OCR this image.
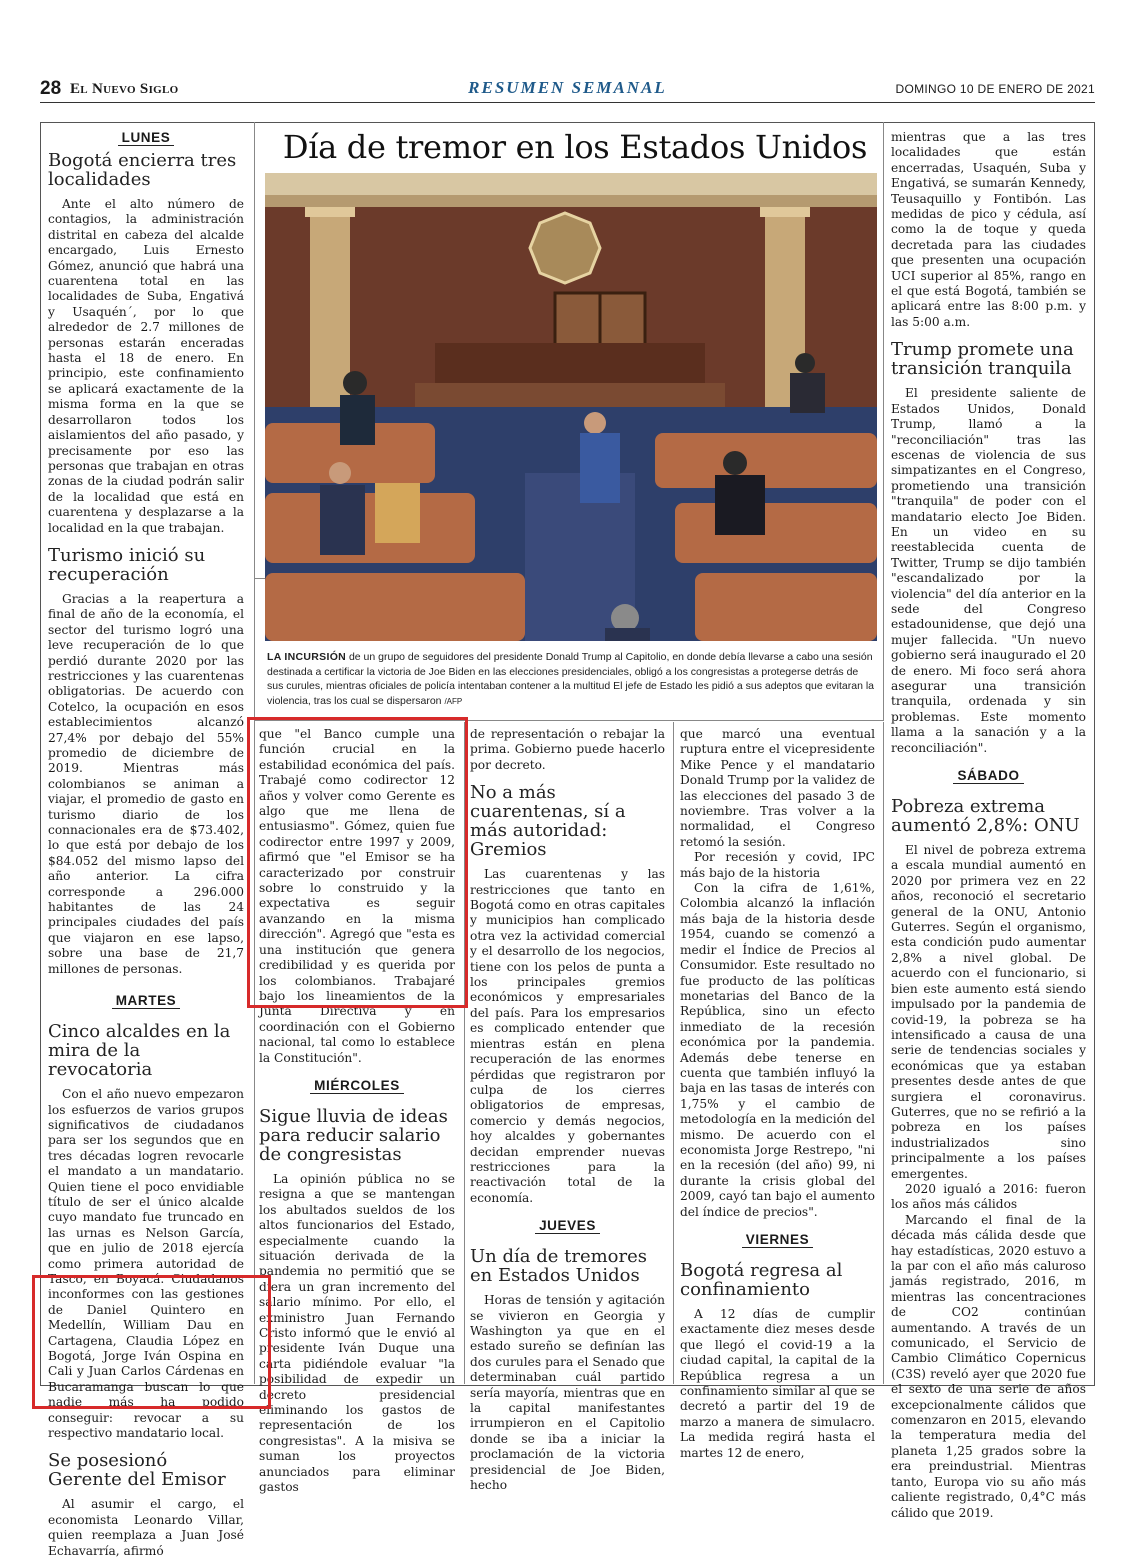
28 El Nuevo Siglo	RESUMEN SEMANAL	DOMINGO 10 DE ENERO DE 2021
LUNES
Bogotá encierra tres localidades

Ante el alto número de contagios, la administración distrital en cabeza del alcalde encargado, Luis Ernesto Gómez, anunció que habrá una cuarentena total en las localidades de Suba, Engativá y Usaquén´, por lo que alrededor de 2.7 millones de personas estarán enceradas hasta el 18 de enero. En principio, este confinamiento se aplicará exactamente de la misma forma en la que se desarrollaron todos los aislamientos del año pasado, y precisamente por eso las personas que trabajan en otras zonas de la ciudad podrán salir de la localidad que está en cuarentena y desplazarse a la localidad en la que trabajan.

Turismo inició su recuperación

Gracias a la reapertura a final de año de la economía, el sector del turismo logró una leve recuperación de lo que perdió durante 2020 por las restricciones y las cuarentenas obligatorias. De acuerdo con Cotelco, la ocupación en esos establecimientos alcanzó 27,4% por debajo del 55% promedio de diciembre de 2019. Mientras más colombianos se animan a viajar, el promedio de gasto en turismo diario de los connacionales era de $73.402, lo que está por debajo de los $84.052 del mismo lapso del año anterior. La cifra corresponde a 296.000 habitantes de las 24 principales ciudades del país que viajaron en ese lapso, sobre una base de 21,7 millones de personas.

MARTES
Cinco alcaldes en la mira de la revocatoria

Con el año nuevo empezaron los esfuerzos de varios grupos significativos de ciudadanos para ser los segundos que en tres décadas logren revocarle el mandato a un mandatario. Quien tiene el poco envidiable título de ser el único alcalde cuyo mandato fue truncado en las urnas es Nelson García, que en julio de 2018 ejercía como primera autoridad de Tasco, en Boyacá. Ciudadanos inconformes con las gestiones de Daniel Quintero en Medellín, William Dau en Cartagena, Claudia López en Bogotá, Jorge Iván Ospina en Cali y Juan Carlos Cárdenas en Bucaramanga buscan lo que nadie más ha podido conseguir: revocar a su respectivo mandatario local.

Se posesionó Gerente del Emisor

Al asumir el cargo, el economista Leonardo Villar, quien reemplaza a Juan José Echavarría, afirmó

Día de tremor en los Estados Unidos
LA INCURSIÓN de un grupo de seguidores del presidente Donald Trump al Capitolio, en donde debía llevarse a cabo una sesión destinada a certificar la victoria de Joe Biden en las elecciones presidenciales, obligó a los congresistas a protegerse detrás de sus curules, mientras oficiales de policía intentaban contener a la multitud El jefe de Estado les pidió a sus adeptos que evitaran la violencia, tras los cual se dispersaron /AFP

que "el Banco cumple una función crucial en la estabilidad económica del país. Trabajé como codirector 12 años y volver como Gerente es algo que me llena de entusiasmo". Gómez, quien fue codirector entre 1997 y 2009, afirmó que "el Emisor se ha caracterizado por construir sobre lo construido y la expectativa es seguir avanzando en la misma dirección". Agregó que "esta es una institución que genera credibilidad y es querida por los colombianos. Trabajaré bajo los lineamientos de la Junta Directiva y en coordinación con el Gobierno nacional, tal como lo establece la Constitución".

MIÉRCOLES
Sigue lluvia de ideas para reducir salario de congresistas

La opinión pública no se resigna a que se mantengan los abultados sueldos de los altos funcionarios del Estado, especialmente cuando la situación derivada de la pandemia no permitió que se diera un gran incremento del salario mínimo. Por ello, el exministro Juan Fernando Cristo informó que le envió al presidente Iván Duque una carta pidiéndole evaluar "la posibilidad de expedir un decreto presidencial eliminando los gastos de representación de los congresistas". A la misiva se suman los proyectos anunciados para eliminar gastos

de representación o rebajar la prima. Gobierno puede hacerlo por decreto.

No a más cuarentenas, sí a más autoridad: Gremios

Las cuarentenas y las restricciones que tanto en Bogotá como en otras capitales y municipios han complicado otra vez la actividad comercial y el desarrollo de los negocios, tiene con los pelos de punta a los principales gremios económicos y empresariales del país. Para los empresarios es complicado entender que mientras están en plena recuperación de las enormes pérdidas que registraron por culpa de los cierres obligatorios de empresas, comercio y demás negocios, hoy alcaldes y gobernantes decidan emprender nuevas restricciones para la reactivación total de la economía.

JUEVES
Un día de tremores en Estados Unidos

Horas de tensión y agitación se vivieron en Georgia y Washington ya que en el estado sureño se definían las dos curules para el Senado que determinaban cuál partido sería mayoría, mientras que en la capital manifestantes irrumpieron en el Capitolio donde se iba a iniciar la proclamación de la victoria presidencial de Joe Biden, hecho

que marcó una eventual ruptura entre el vicepresidente Mike Pence y el mandatario Donald Trump por la validez de las elecciones del pasado 3 de noviembre. Tras volver a la normalidad, el Congreso retomó la sesión.

Por recesión y covid, IPC más bajo de la historia

Con la cifra de 1,61%, Colombia alcanzó la inflación más baja de la historia desde 1954, cuando se comenzó a medir el Índice de Precios al Consumidor. Este resultado no fue producto de las políticas monetarias del Banco de la República, sino un efecto inmediato de la recesión económica por la pandemia. Además debe tenerse en cuenta que también influyó la baja en las tasas de interés con 1,75% y el cambio de metodología en la medición del mismo. De acuerdo con el economista Jorge Restrepo, "ni en la recesión (del año) 99, ni durante la crisis global del 2009, cayó tan bajo el aumento del índice de precios".

VIERNES
Bogotá regresa al confinamiento

A 12 días de cumplir exactamente diez meses desde que llegó el covid-19 a la ciudad capital, la capital de la República regresa a un confinamiento similar al que se decretó a partir del 19 de marzo a manera de simulacro. La medida regirá hasta el martes 12 de enero,

mientras que a las tres localidades que están encerradas, Usaquén, Suba y Engativá, se sumarán Kennedy, Teusaquillo y Fontibón. Las medidas de pico y cédula, así como la de toque y queda decretada para las ciudades que presenten una ocupación UCI superior al 85%, rango en el que está Bogotá, también se aplicará entre las 8:00 p.m. y las 5:00 a.m.

Trump promete una transición tranquila

El presidente saliente de Estados Unidos, Donald Trump, llamó a la "reconciliación" tras las escenas de violencia de sus simpatizantes en el Congreso, prometiendo una transición "tranquila" de poder con el mandatario electo Joe Biden. En un video en su reestablecida cuenta de Twitter, Trump se dijo también "escandalizado por la violencia" del día anterior en la sede del Congreso estadounidense, que dejó una mujer fallecida. "Un nuevo gobierno será inaugurado el 20 de enero. Mi foco será ahora asegurar una transición tranquila, ordenada y sin problemas. Este momento llama a la sanación y a la reconciliación".

SÁBADO
Pobreza extrema aumentó 2,8%: ONU

El nivel de pobreza extrema a escala mundial aumentó en 2020 por primera vez en 22 años, reconoció el secretario general de la ONU, Antonio Guterres. Según el organismo, esta condición pudo aumentar 2,8% a nivel global. De acuerdo con el funcionario, si bien este aumento está siendo impulsado por la pandemia de covid-19, la pobreza se ha intensificado a causa de una serie de tendencias sociales y económicas que ya estaban presentes desde antes de que surgiera el coronavirus. Guterres, que no se refirió a la pobreza en los países industrializados sino principalmente a los países emergentes.

2020 igualó a 2016: fueron los años más cálidos

Marcando el final de la década más cálida desde que hay estadísticas, 2020 estuvo a la par con el año más caluroso jamás registrado, 2016, m mientras las concentraciones de CO2 continúan aumentando. A través de un comunicado, el Servicio de Cambio Climático Copernicus (C3S) reveló ayer que 2020 fue el sexto de una serie de años excepcionalmente cálidos que comenzaron en 2015, elevando la temperatura media del planeta 1,25 grados sobre la era preindustrial. Mientras tanto, Europa vio su año más caliente registrado, 0,4°C más cálido que 2019.
